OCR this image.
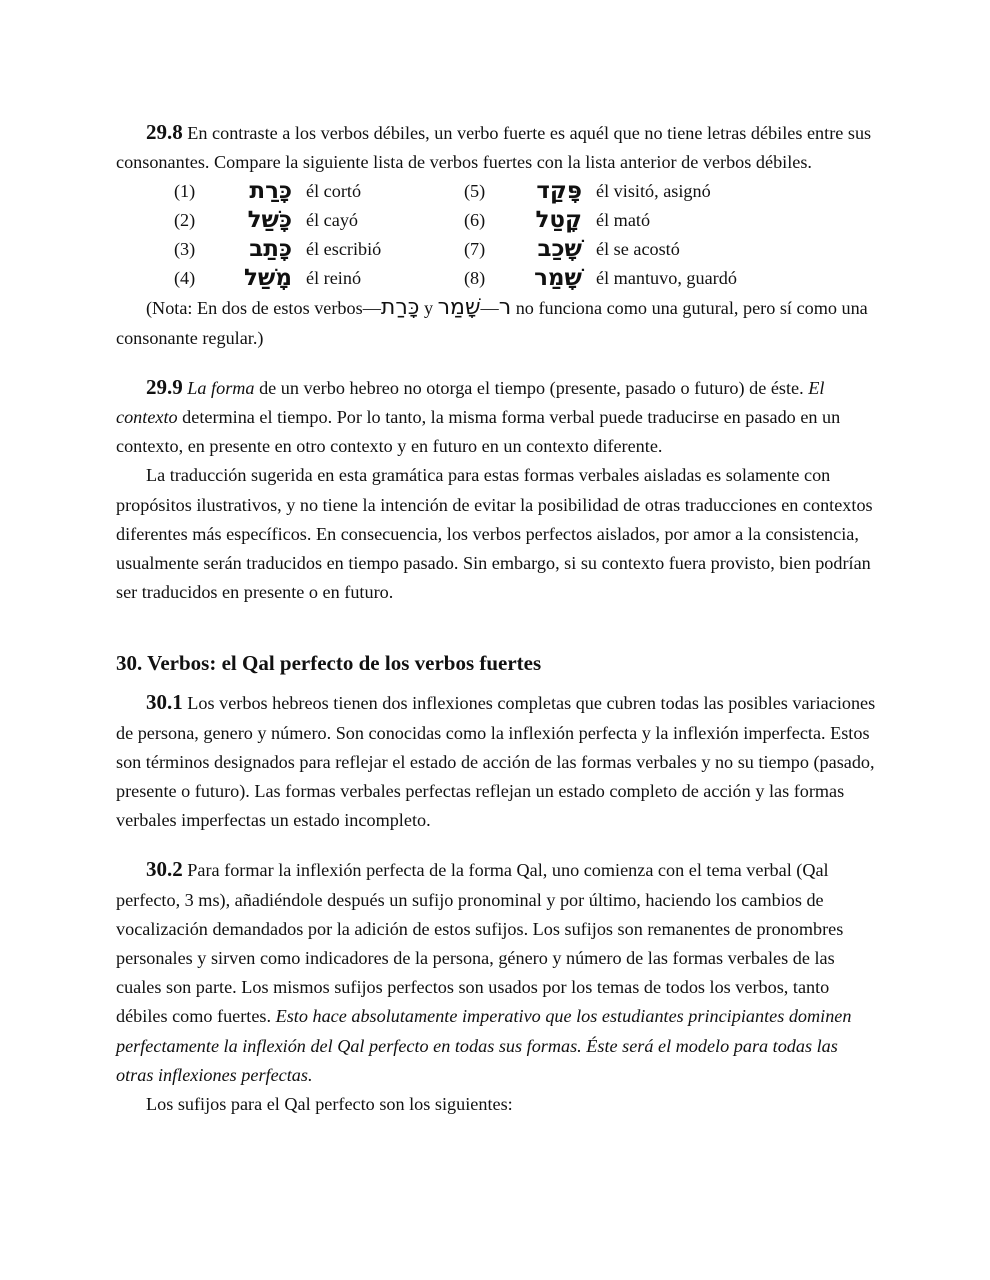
29.8 En contraste a los verbos débiles, un verbo fuerte es aquél que no tiene letras débiles entre sus consonantes. Compare la siguiente lista de verbos fuertes con la lista anterior de verbos débiles.

(1)	כָּרַת él cortó
(2)	כָּשַׁל él cayó
(3)	כָּתַב él escribió
(4)	מָשַׁל él reinó
(5)	פָּקַד él visitó, asignó
(6)	קָטַל él mató
(7)	שָׁכַב él se acostó
(8)	שָׁמַר él mantuvo, guardó

(Nota: En dos de estos verbos—כָּרַת y שָׁמַר—ר no funciona como una gutural, pero sí como una consonante regular.)

29.9 La forma de un verbo hebreo no otorga el tiempo (presente, pasado o futuro) de éste. El contexto determina el tiempo. Por lo tanto, la misma forma verbal puede traducirse en pasado en un contexto, en presente en otro contexto y en futuro en un contexto diferente.

La traducción sugerida en esta gramática para estas formas verbales aisladas es solamente con propósitos ilustrativos, y no tiene la intención de evitar la posibilidad de otras traducciones en contextos diferentes más específicos. En consecuencia, los verbos perfectos aislados, por amor a la consistencia, usualmente serán traducidos en tiempo pasado. Sin embargo, si su contexto fuera provisto, bien podrían ser traducidos en presente o en futuro.

30. Verbos: el Qal perfecto de los verbos fuertes

30.1 Los verbos hebreos tienen dos inflexiones completas que cubren todas las posibles variaciones de persona, genero y número. Son conocidas como la inflexión perfecta y la inflexión imperfecta. Estos son términos designados para reflejar el estado de acción de las formas verbales y no su tiempo (pasado, presente o futuro). Las formas verbales perfectas reflejan un estado completo de acción y las formas verbales imperfectas un estado incompleto.

30.2 Para formar la inflexión perfecta de la forma Qal, uno comienza con el tema verbal (Qal perfecto, 3 ms), añadiéndole después un sufijo pronominal y por último, haciendo los cambios de vocalización demandados por la adición de estos sufijos. Los sufijos son remanentes de pronombres personales y sirven como indicadores de la persona, género y número de las formas verbales de las cuales son parte. Los mismos sufijos perfectos son usados por los temas de todos los verbos, tanto débiles como fuertes. Esto hace absolutamente imperativo que los estudiantes principiantes dominen perfectamente la inflexión del Qal perfecto en todas sus formas. Éste será el modelo para todas las otras inflexiones perfectas.

Los sufijos para el Qal perfecto son los siguientes:
